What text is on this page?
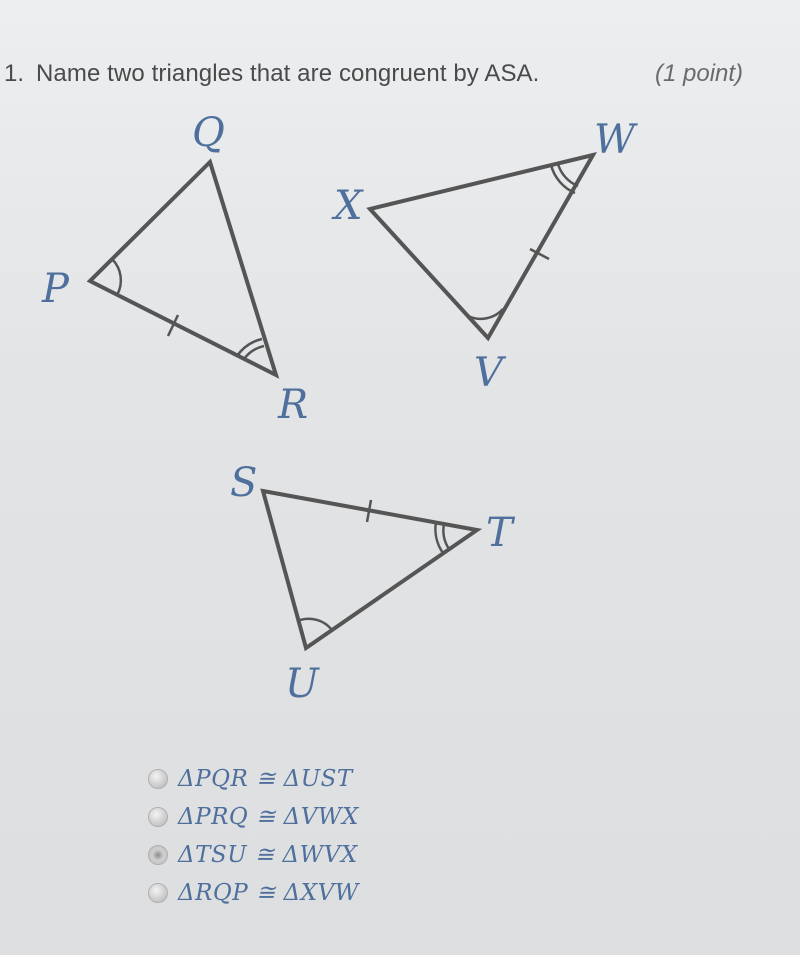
1. Name two triangles that are congruent by ASA.	(1 point)
Q
P
R
W
X
V
S
T
U
ΔPQR ≅ ΔUST
ΔPRQ ≅ ΔVWX
ΔTSU ≅ ΔWVX
ΔRQP ≅ ΔXVW
